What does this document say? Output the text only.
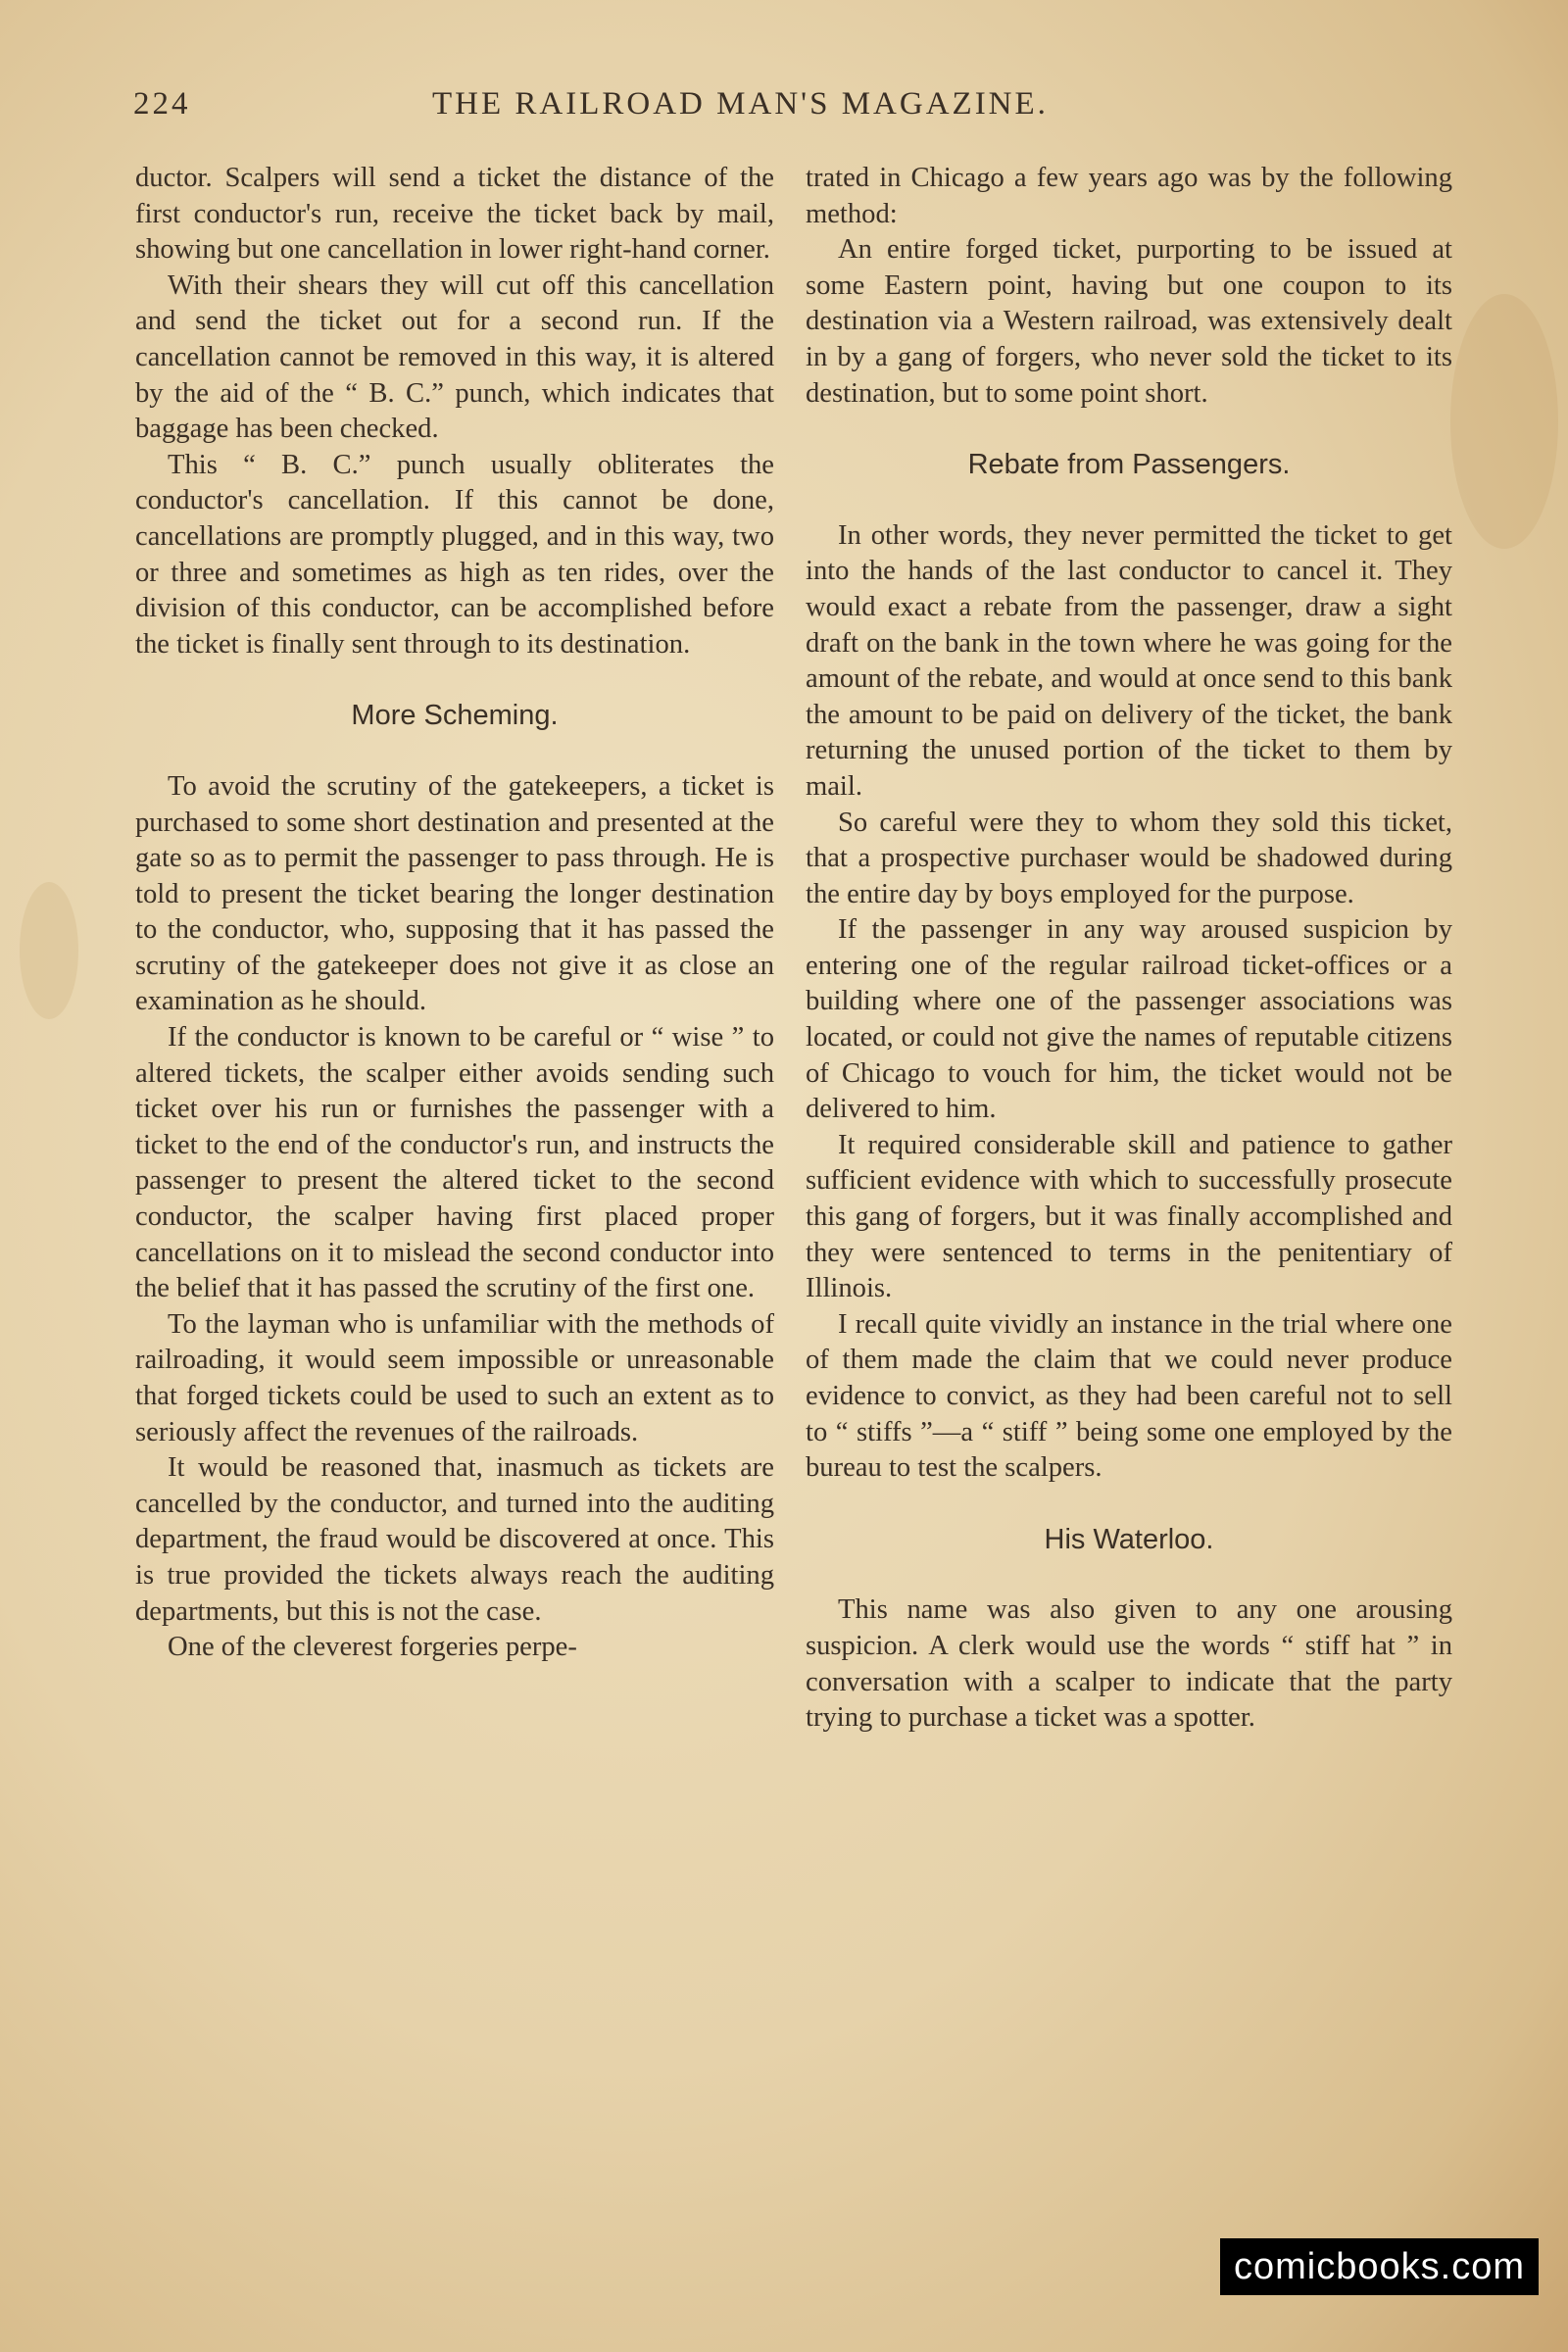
224	THE RAILROAD MAN'S MAGAZINE.

ductor. Scalpers will send a ticket the distance of the first conductor's run, receive the ticket back by mail, showing but one cancellation in lower right-hand corner.

With their shears they will cut off this cancellation and send the ticket out for a second run. If the cancellation cannot be removed in this way, it is altered by the aid of the “ B. C.” punch, which indicates that baggage has been checked.

This “ B. C.” punch usually obliterates the conductor's cancellation. If this cannot be done, cancellations are promptly plugged, and in this way, two or three and sometimes as high as ten rides, over the division of this conductor, can be accomplished before the ticket is finally sent through to its destination.

More Scheming.

To avoid the scrutiny of the gatekeepers, a ticket is purchased to some short destination and presented at the gate so as to permit the passenger to pass through. He is told to present the ticket bearing the longer destination to the conductor, who, supposing that it has passed the scrutiny of the gatekeeper does not give it as close an examination as he should.

If the conductor is known to be careful or “ wise ” to altered tickets, the scalper either avoids sending such ticket over his run or furnishes the passenger with a ticket to the end of the conductor's run, and instructs the passenger to present the altered ticket to the second conductor, the scalper having first placed proper cancellations on it to mislead the second conductor into the belief that it has passed the scrutiny of the first one.

To the layman who is unfamiliar with the methods of railroading, it would seem impossible or unreasonable that forged tickets could be used to such an extent as to seriously affect the revenues of the railroads.

It would be reasoned that, inasmuch as tickets are cancelled by the conductor, and turned into the auditing department, the fraud would be discovered at once. This is true provided the tickets always reach the auditing departments, but this is not the case.

One of the cleverest forgeries perpe-

trated in Chicago a few years ago was by the following method:

An entire forged ticket, purporting to be issued at some Eastern point, having but one coupon to its destination via a Western railroad, was extensively dealt in by a gang of forgers, who never sold the ticket to its destination, but to some point short.

Rebate from Passengers.

In other words, they never permitted the ticket to get into the hands of the last conductor to cancel it. They would exact a rebate from the passenger, draw a sight draft on the bank in the town where he was going for the amount of the rebate, and would at once send to this bank the amount to be paid on delivery of the ticket, the bank returning the unused portion of the ticket to them by mail.

So careful were they to whom they sold this ticket, that a prospective purchaser would be shadowed during the entire day by boys employed for the purpose.

If the passenger in any way aroused suspicion by entering one of the regular railroad ticket-offices or a building where one of the passenger associations was located, or could not give the names of reputable citizens of Chicago to vouch for him, the ticket would not be delivered to him.

It required considerable skill and patience to gather sufficient evidence with which to successfully prosecute this gang of forgers, but it was finally accomplished and they were sentenced to terms in the penitentiary of Illinois.

I recall quite vividly an instance in the trial where one of them made the claim that we could never produce evidence to convict, as they had been careful not to sell to “ stiffs ”—a “ stiff ” being some one employed by the bureau to test the scalpers.

His Waterloo.

This name was also given to any one arousing suspicion. A clerk would use the words “ stiff hat ” in conversation with a scalper to indicate that the party trying to purchase a ticket was a spotter.

comicbooks.com
